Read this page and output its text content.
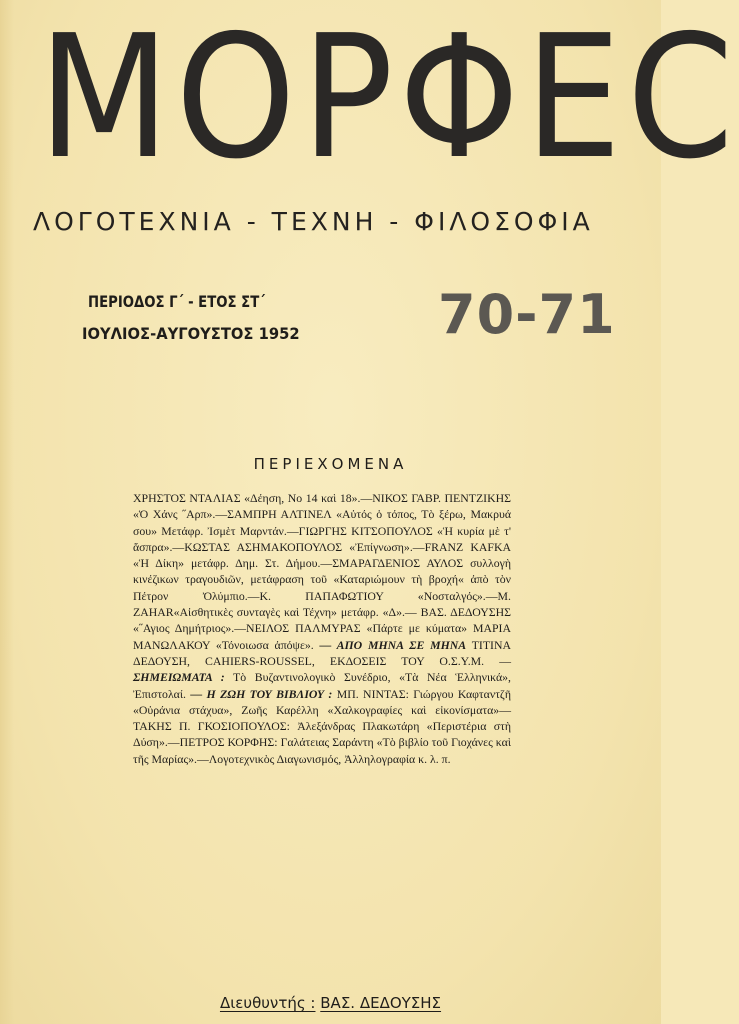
ΜΟΡΦΕϹ
ΛΟΓΟΤΕΧΝΙΑ - ΤΕΧΝΗ - ΦΙΛΟΣΟΦΙΑ
ΠΕΡΙΟΔΟΣ Γ΄ - ΕΤΟΣ ΣΤ΄
ΙΟΥΛΙΟΣ-ΑΥΓΟΥΣΤΟΣ 1952	70-71
ΠΕΡΙΕΧΟΜΕΝΑ
ΧΡΗΣΤΟΣ ΝΤΑΛΙΑΣ «Δέηση, Νο 14 καὶ 18».—ΝΙΚΟΣ ΓΑΒΡ. ΠΕΝΤΖΙΚΗΣ «Ὁ Χάνς ˝Αρπ».—ΣΑΜΠΡΗ ΑΛΤΙΝΕΛ «Αὐτός ὁ τόπος, Τὸ ξέρω, Μακρυά σου» Μετάφρ. Ἰσμὲτ Μαρντάν.—ΓΙΩΡΓΗΣ ΚΙΤΣΟΠΟΥΛΟΣ «Ἡ κυρία μὲ τ' ἄσπρα».—ΚΩΣΤΑΣ ΑΣΗΜΑΚΟΠΟΥΛΟΣ «Ἐπίγνωση».—FRANZ KAFKA «Ἡ Δίκη» μετάφρ. Δημ. Στ. Δήμου.—ΣΜΑΡΑΓΔΕΝΙΟΣ ΑΥΛΟΣ συλλογὴ κινέζικων τραγουδιῶν, μετάφραση τοῦ «Καταριώμουν τὴ βροχή« ἀπὸ τὸν Πέτρον Ὀλύμπιο.—Κ. ΠΑΠΑΦΩΤΙΟΥ «Νοσταλγός».—Μ. ΖΑΗΑR«Αἰσθητικὲς συνταγὲς καὶ Τέχνη» μετάφρ. «Δ».— ΒΑΣ. ΔΕΔΟΥΣΗΣ «˝Αγιος Δημήτριος».—ΝΕΙΛΟΣ ΠΑΛΜΥΡΑΣ «Πάρτε με κύματα» ΜΑΡΙΑ ΜΑΝΩΛΑΚΟΥ «Τόνοιωσα ἀπόψε». — ΑΠΟ ΜΗΝΑ ΣΕ ΜΗΝΑ ΤΙΤΙΝΑ ΔΕΔΟΥΣΗ, CAHIERS-ROUSSEL, ΕΚΔΟΣΕΙΣ ΤΟΥ Ο.Σ.Υ.Μ. — ΣΗΜΕΙΩΜΑΤΑ : Τὸ Βυζαντινολογικὸ Συνέδριο, «Τὰ Νέα Ἑλληνικά», Ἐπιστολαί. — Η ΖΩΗ ΤΟΥ ΒΙΒΛΙΟΥ : ΜΠ. ΝΙΝΤΑΣ: Γιώργου Καφταντζῆ «Οὐράνια στάχυα», Ζωῆς Καρέλλη «Χαλκογραφίες καὶ εἰκονίσματα»— ΤΑΚΗΣ Π. ΓΚΟΣΙΟΠΟΥΛΟΣ: Ἀλεξάνδρας Πλακωτάρη «Περιστέρια στὴ Δύση».—ΠΕΤΡΟΣ ΚΟΡΦΗΣ: Γαλάτειας Σαράντη «Τὸ βιβλίο τοῦ Γιοχάνες καὶ τῆς Μαρίας».—Λογοτεχνικὸς Διαγωνισμός, Ἀλληλογραφία κ. λ. π.
Διευθυντής : ΒΑΣ. ΔΕΔΟΥΣΗΣ
